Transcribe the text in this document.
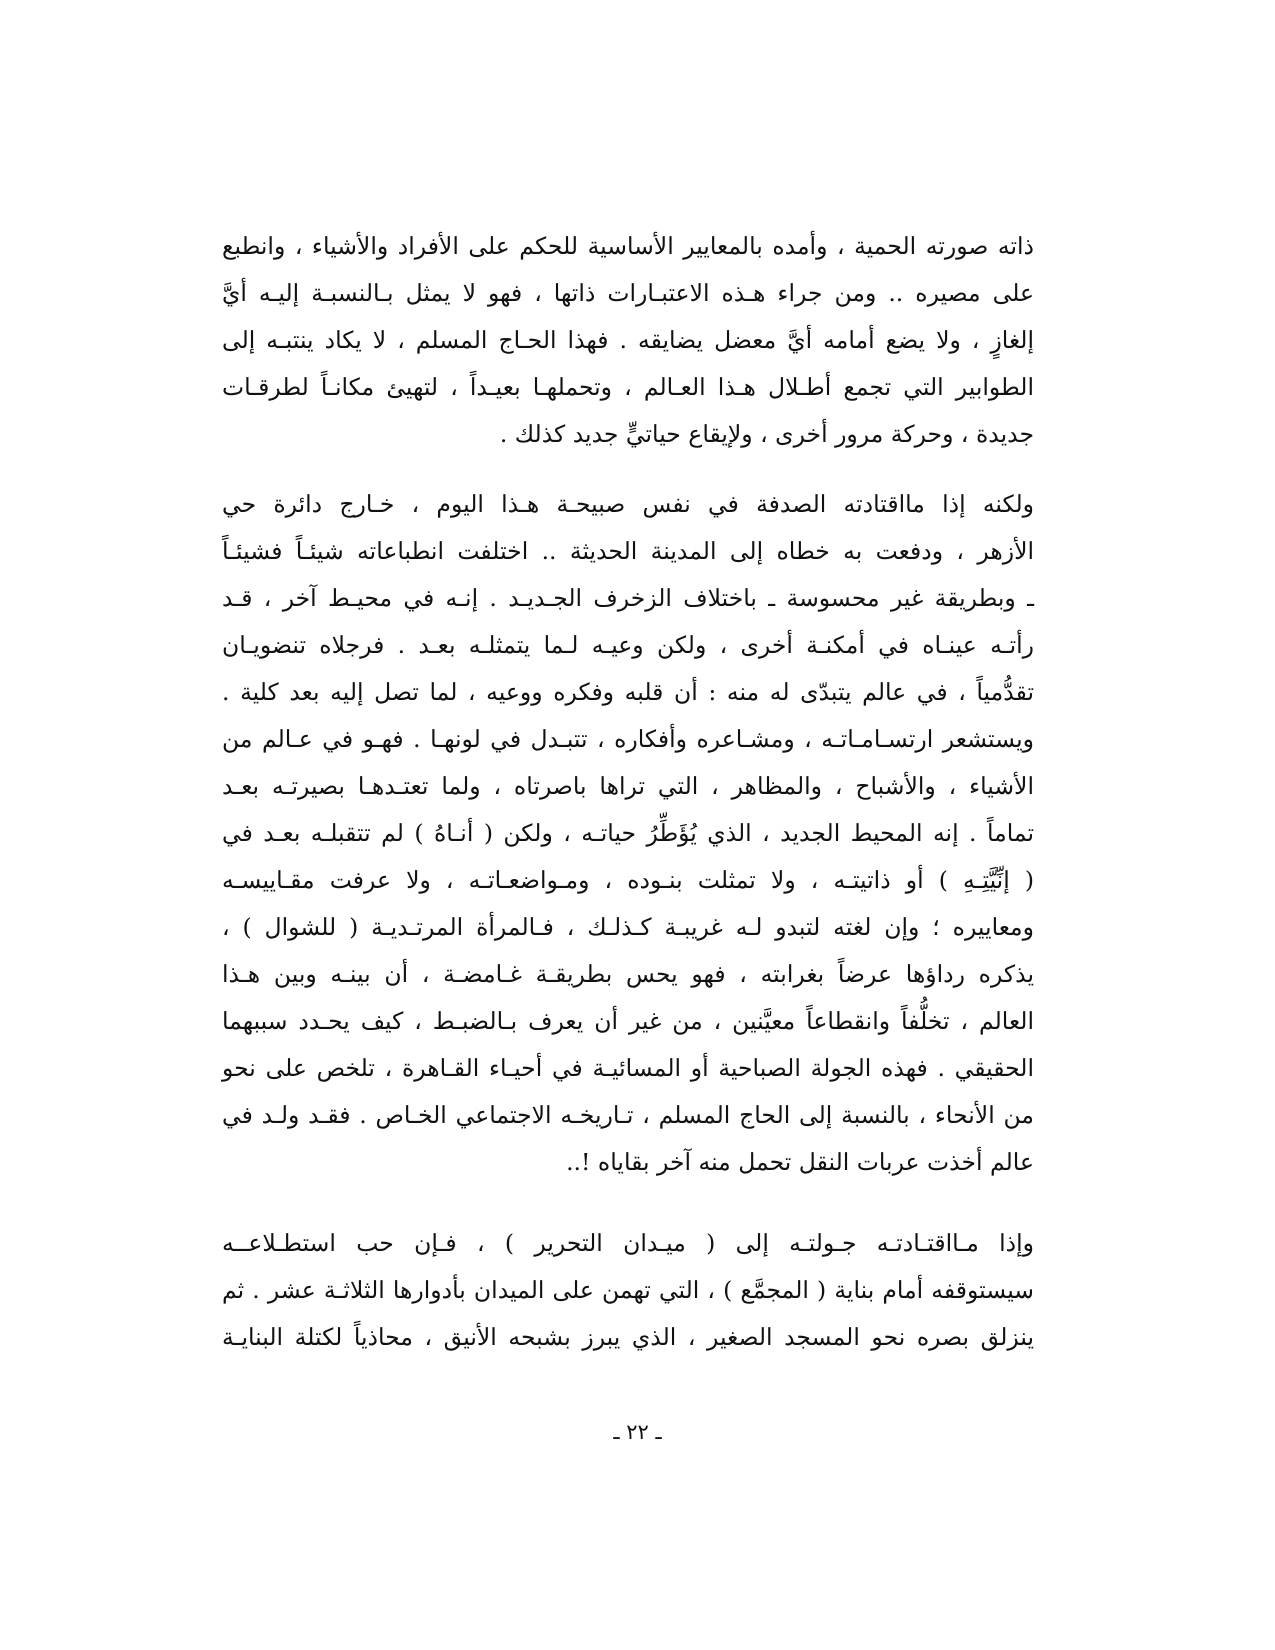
ذاته صورته الحمية ، وأمده بالمعايير الأساسية للحكم على الأفراد والأشياء ، وانطبع
على مصيره .. ومن جراء هـذه الاعتبـارات ذاتها ، فهو لا يمثل بـالنسبـة إليـه أيَّ
إلغازٍ ، ولا يضع أمامه أيَّ معضل يضايقه . فهذا الحـاج المسلم ، لا يكاد ينتبـه إلى
الطوابير التي تجمع أطـلال هـذا العـالم ، وتحملهـا بعيـداً ، لتهيئ مكانـاً لطرقـات
جديدة ، وحركة مرور أخرى ، ولإيقاع حياتيٍّ جديد كذلك .
ولكنه إذا مااقتادته الصدفة في نفس صبيحـة هـذا اليوم ، خـارج دائرة حي
الأزهر ، ودفعت به خطاه إلى المدينة الحديثة .. اختلفت انطباعاته شيئـاً فشيئـاً
ـ وبطريقة غير محسوسة ـ باختلاف الزخرف الجـديـد . إنـه في محيـط آخر ، قـد
رأتـه عينـاه في أمكنـة أخرى ، ولكن وعيـه لـما يتمثلـه بعـد . فرجلاه تنضويـان
تقدُّمياً ، في عالم يتبدّى له منه : أن قلبه وفكره ووعيه ، لما تصل إليه بعد كلية .
ويستشعر ارتسـامـاتـه ، ومشـاعره وأفكاره ، تتبـدل في لونهـا . فهـو في عـالم من
الأشياء ، والأشباح ، والمظاهر ، التي تراها باصرتاه ، ولما تعتـدهـا بصيرتـه بعـد
تماماً . إنه المحيط الجديد ، الذي يُؤَطِّرُ حياتـه ، ولكن ( أنـاهُ ) لم تتقبلـه بعـد في
( إنِّيَّتِـهِ ) أو ذاتيتـه ، ولا تمثلت بنـوده ، ومـواضعـاتـه ، ولا عرفت مقـاييسـه
ومعاييره ؛ وإن لغته لتبدو لـه غريبـة كـذلـك ، فـالمرأة المرتـديـة ( للشوال ) ،
يذكره رداؤها عرضاً بغرابته ، فهو يحس بطريقـة غـامضـة ، أن بينـه وبين هـذا
العالم ، تخلُّفاً وانقطاعاً معيَّنين ، من غير أن يعرف بـالضبـط ، كيف يحـدد سببهما
الحقيقي . فهذه الجولة الصباحية أو المسائيـة في أحيـاء القـاهرة ، تلخص على نحو
من الأنحاء ، بالنسبة إلى الحاج المسلم ، تـاريخـه الاجتماعي الخـاص . فقـد ولـد في
عالم أخذت عربات النقل تحمل منه آخر بقاياه !..
وإذا مـااقتـادتـه جـولتـه إلى ( ميـدان التحرير ) ، فـإن حب استطـلاعــه
سيستوقفه أمام بناية ( المجمَّع ) ، التي تهمن على الميدان بأدوارها الثلاثـة عشر . ثم
ينزلق بصره نحو المسجد الصغير ، الذي يبرز بشبحه الأنيق ، محاذياً لكتلة البنايـة
ـ ٢٢ ـ
